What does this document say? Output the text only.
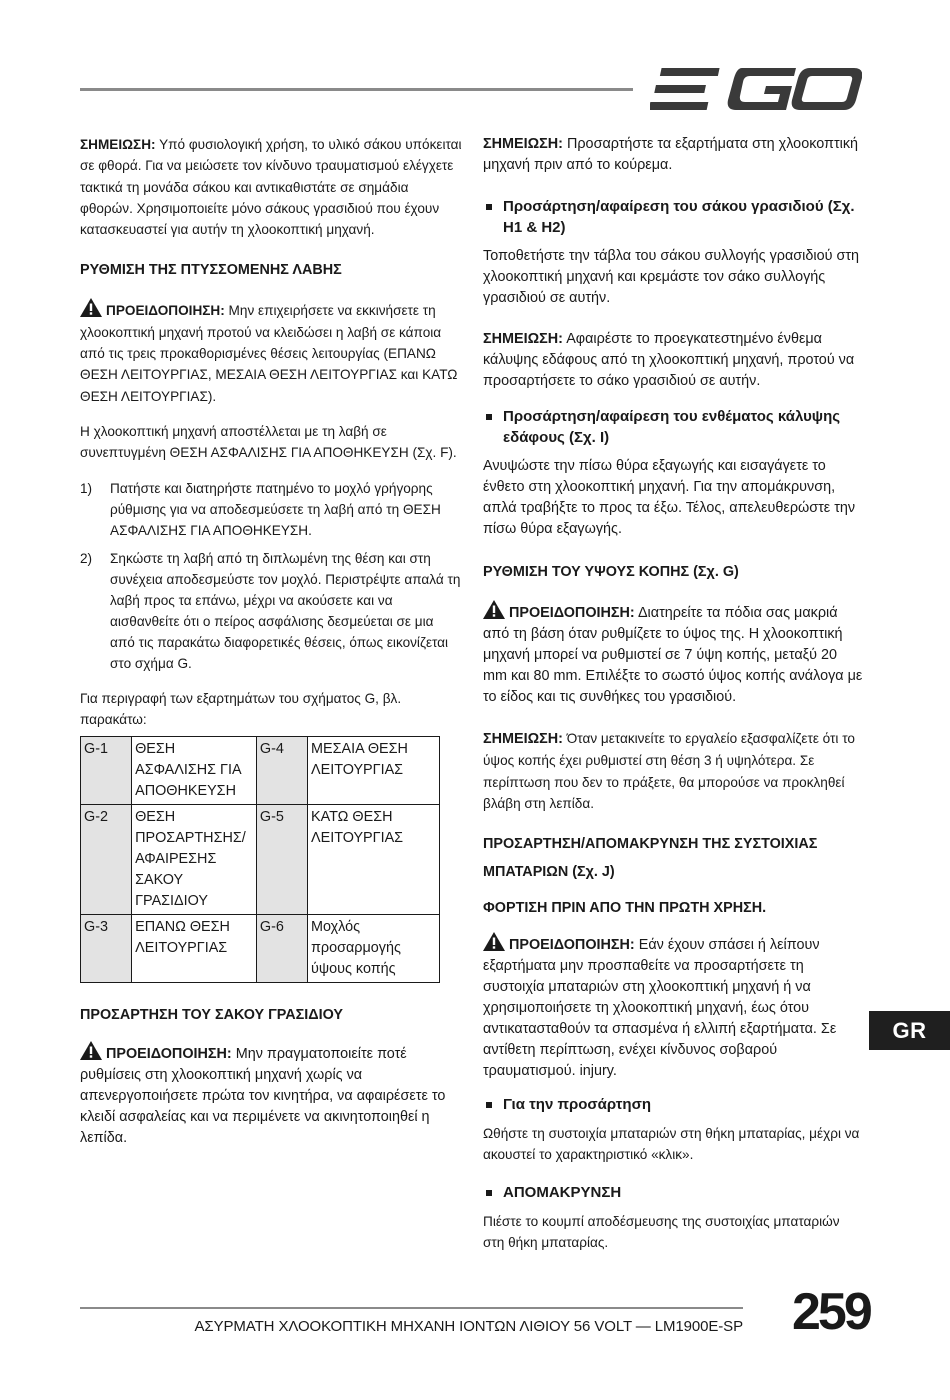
ΣΗΜΕΙΩΣΗ: Υπό φυσιολογική χρήση, το υλικό σάκου υπόκειται σε φθορά. Για να μειώσετε τον κίνδυνο τραυματισμού ελέγχετε τακτικά τη μονάδα σάκου και αντικαθιστάτε σε σημάδια φθορών. Χρησιμοποιείτε μόνο σάκους γρασιδιού που έχουν κατασκευαστεί για αυτήν τη χλοοκοπτική μηχανή.

ΡΥΘΜΙΣΗ ΤΗΣ ΠΤΥΣΣΟΜΕΝΗΣ ΛΑΒΗΣ

ΠΡΟΕΙΔΟΠΟΙΗΣΗ: Μην επιχειρήσετε να εκκινήσετε τη χλοοκοπτική μηχανή προτού να κλειδώσει η λαβή σε κάποια από τις τρεις προκαθορισμένες θέσεις λειτουργίας (ΕΠΑΝΩ ΘΕΣΗ ΛΕΙΤΟΥΡΓΙΑΣ, ΜΕΣΑΙΑ ΘΕΣΗ ΛΕΙΤΟΥΡΓΙΑΣ και ΚΑΤΩ ΘΕΣΗ ΛΕΙΤΟΥΡΓΙΑΣ).

Η χλοοκοπτική μηχανή αποστέλλεται με τη λαβή σε συνεπτυγμένη ΘΕΣΗ ΑΣΦΑΛΙΣΗΣ ΓΙΑ ΑΠΟΘΗΚΕΥΣΗ (Σχ. F).

1) Πατήστε και διατηρήστε πατημένο το μοχλό γρήγορης ρύθμισης για να αποδεσμεύσετε τη λαβή από τη ΘΕΣΗ ΑΣΦΑΛΙΣΗΣ ΓΙΑ ΑΠΟΘΗΚΕΥΣΗ.
2) Σηκώστε τη λαβή από τη διπλωμένη της θέση και στη συνέχεια αποδεσμεύστε τον μοχλό. Περιστρέψτε απαλά τη λαβή προς τα επάνω, μέχρι να ακούσετε και να αισθανθείτε ότι ο πείρος ασφάλισης δεσμεύεται σε μια από τις παρακάτω διαφορετικές θέσεις, όπως εικονίζεται στο σχήμα G.

Για περιγραφή των εξαρτημάτων του σχήματος G, βλ. παρακάτω:

G-1	ΘΕΣΗ ΑΣΦΑΛΙΣΗΣ ΓΙΑ ΑΠΟΘΗΚΕΥΣΗ	G-4	ΜΕΣΑΙΑ ΘΕΣΗ ΛΕΙΤΟΥΡΓΙΑΣ
G-2	ΘΕΣΗ ΠΡΟΣΑΡΤΗΣΗΣ/ ΑΦΑΙΡΕΣΗΣ ΣΑΚΟΥ ΓΡΑΣΙΔΙΟΥ	G-5	ΚΑΤΩ ΘΕΣΗ ΛΕΙΤΟΥΡΓΙΑΣ
G-3	ΕΠΑΝΩ ΘΕΣΗ ΛΕΙΤΟΥΡΓΙΑΣ	G-6	Μοχλός προσαρμογής ύψους κοπής
ΠΡΟΣΑΡΤΗΣΗ ΤΟΥ ΣΑΚΟΥ ΓΡΑΣΙΔΙΟΥ

ΠΡΟΕΙΔΟΠΟΙΗΣΗ: Μην πραγματοποιείτε ποτέ ρυθμίσεις στη χλοοκοπτική μηχανή χωρίς να απενεργοποιήσετε πρώτα τον κινητήρα, να αφαιρέσετε το κλειδί ασφαλείας και να περιμένετε να ακινητοποιηθεί η λεπίδα.

ΣΗΜΕΙΩΣΗ: Προσαρτήστε τα εξαρτήματα στη χλοοκοπτική μηχανή πριν από το κούρεμα.

Προσάρτηση/αφαίρεση του σάκου γρασιδιού (Σχ. H1 & H2)

Τοποθετήστε την τάβλα του σάκου συλλογής γρασιδιού στη χλοοκοπτική μηχανή και κρεμάστε τον σάκο συλλογής γρασιδιού σε αυτήν.

ΣΗΜΕΙΩΣΗ: Αφαιρέστε το προεγκατεστημένο ένθεμα κάλυψης εδάφους από τη χλοοκοπτική μηχανή, προτού να προσαρτήσετε το σάκο γρασιδιού σε αυτήν.

Προσάρτηση/αφαίρεση του ενθέματος κάλυψης εδάφους (Σχ. I)

Ανυψώστε την πίσω θύρα εξαγωγής και εισαγάγετε το ένθετο στη χλοοκοπτική μηχανή. Για την απομάκρυνση, απλά τραβήξτε το προς τα έξω. Τέλος, απελευθερώστε την πίσω θύρα εξαγωγής.

ΡΥΘΜΙΣΗ ΤΟΥ ΥΨΟΥΣ ΚΟΠΗΣ (Σχ. G)

ΠΡΟΕΙΔΟΠΟΙΗΣΗ: Διατηρείτε τα πόδια σας μακριά από τη βάση όταν ρυθμίζετε το ύψος της. Η χλοοκοπτική μηχανή μπορεί να ρυθμιστεί σε 7 ύψη κοπής, μεταξύ 20 mm και 80 mm. Επιλέξτε το σωστό ύψος κοπής ανάλογα με το είδος και τις συνθήκες του γρασιδιού.

ΣΗΜΕΙΩΣΗ: Όταν μετακινείτε το εργαλείο εξασφαλίζετε ότι το ύψος κοπής έχει ρυθμιστεί στη θέση 3 ή υψηλότερα. Σε περίπτωση που δεν το πράξετε, θα μπορούσε να προκληθεί βλάβη στη λεπίδα.

ΠΡΟΣΑΡΤΗΣΗ/ΑΠΟΜΑΚΡΥΝΣΗ ΤΗΣ ΣΥΣΤΟΙΧΙΑΣ ΜΠΑΤΑΡΙΩΝ (Σχ. J)
ΦΟΡΤΙΣΗ ΠΡΙΝ ΑΠΟ ΤΗΝ ΠΡΩΤΗ ΧΡΗΣΗ.

ΠΡΟΕΙΔΟΠΟΙΗΣΗ: Εάν έχουν σπάσει ή λείπουν εξαρτήματα μην προσπαθείτε να προσαρτήσετε τη συστοιχία μπαταριών στη χλοοκοπτική μηχανή ή να χρησιμοποιήσετε τη χλοοκοπτική μηχανή, έως ότου αντικατασταθούν τα σπασμένα ή ελλιπή εξαρτήματα. Σε αντίθετη περίπτωση, ενέχει κίνδυνος σοβαρού τραυματισμού. injury.

Για την προσάρτηση

Ωθήστε τη συστοιχία μπαταριών στη θήκη μπαταρίας, μέχρι να ακουστεί το χαρακτηριστικό «κλικ».

ΑΠΟΜΑΚΡΥΝΣΗ

Πιέστε το κουμπί αποδέσμευσης της συστοιχίας μπαταριών στη θήκη μπαταρίας.

GR
ΑΣΥΡΜΑΤΗ ΧΛΟΟΚΟΠΤΙΚΗ ΜΗΧΑΝΗ ΙΟΝΤΩΝ ΛΙΘΙΟΥ 56 VOLT — LM1900E-SP 259
